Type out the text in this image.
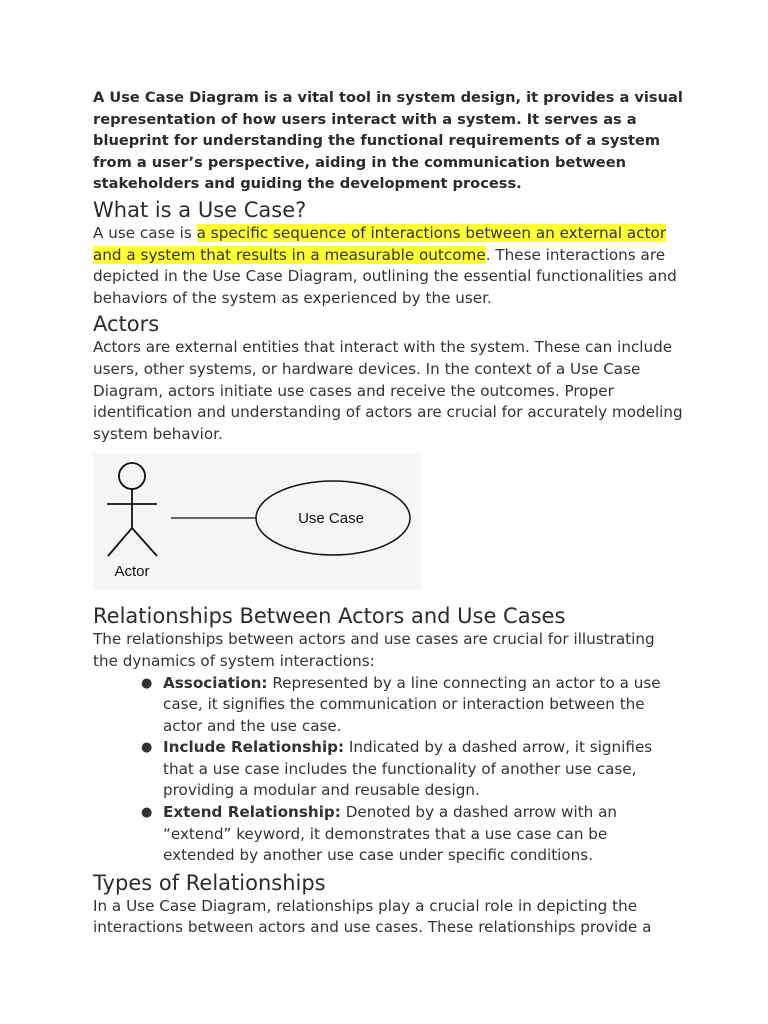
A Use Case Diagram is a vital tool in system design, it provides a visual representation of how users interact with a system. It serves as a blueprint for understanding the functional requirements of a system from a user’s perspective, aiding in the communication between stakeholders and guiding the development process.

What is a Use Case?

A use case is a specific sequence of interactions between an external actor and a system that results in a measurable outcome. These interactions are depicted in the Use Case Diagram, outlining the essential functionalities and behaviors of the system as experienced by the user.

Actors

Actors are external entities that interact with the system. These can include users, other systems, or hardware devices. In the context of a Use Case Diagram, actors initiate use cases and receive the outcomes. Proper identification and understanding of actors are crucial for accurately modeling system behavior.

Actor
Use Case
Relationships Between Actors and Use Cases

The relationships between actors and use cases are crucial for illustrating the dynamics of system interactions:

● Association: Represented by a line connecting an actor to a use case, it signifies the communication or interaction between the actor and the use case.
● Include Relationship: Indicated by a dashed arrow, it signifies that a use case includes the functionality of another use case, providing a modular and reusable design.
● Extend Relationship: Denoted by a dashed arrow with an “extend” keyword, it demonstrates that a use case can be extended by another use case under specific conditions.
Types of Relationships

In a Use Case Diagram, relationships play a crucial role in depicting the interactions between actors and use cases. These relationships provide a
